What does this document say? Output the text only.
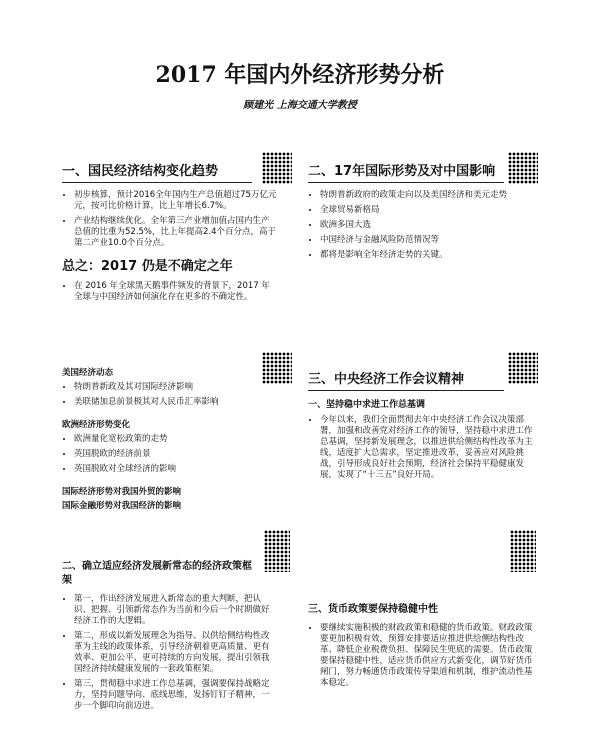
2017 年国内外经济形势分析
顾建光 上海交通大学教授
一、国民经济结构变化趋势
• 初步核算，预计2016全年国内生产总值超过75万亿元元，按可比价格计算，比上年增长6.7%。
• 产业结构继续优化。全年第三产业增加值占国内生产总值的比重为52.5%，比上年提高2.4个百分点，高于第二产业10.0个百分点。
总之：2017 仍是不确定之年
• 在 2016 年全球黑天鹅事件频发的背景下，2017 年全球与中国经济如何演化存在更多的不确定性。
二、17年国际形势及对中国影响
• 特朗普新政府的政策走向以及美国经济和美元走势
• 全球贸易新格局
• 欧洲多国大选
• 中国经济与金融风险防范情况等
• 都将是影响全年经济走势的关键。
美国经济动态
• 特朗普新政及其对国际经济影响
• 美联储加息前景极其对人民币汇率影响
欧洲经济形势变化
• 欧洲量化宽松政策的走势
• 英国脱欧的经济前景
• 英国脱欧对全球经济的影响
国际经济形势对我国外贸的影响
国际金融形势对我国经济的影响
三、中央经济工作会议精神
一、坚持稳中求进工作总基调
• 今年以来，我们全面贯彻去年中央经济工作会议决策部署，加强和改善党对经济工作的领导，坚持稳中求进工作总基调，坚持新发展理念，以推进供给侧结构性改革为主线，适度扩大总需求，坚定推进改革，妥善应对风险挑战，引导形成良好社会预期，经济社会保持平稳健康发展，实现了“十三五”良好开局。
二、确立适应经济发展新常态的经济政策框架
• 第一，作出经济发展进入新常态的重大判断，把认识、把握、引领新常态作为当前和今后一个时期做好经济工作的大逻辑。
• 第二，形成以新发展理念为指导、以供给侧结构性改革为主线的政策体系，引导经济朝着更高质量、更有效率、更加公平、更可持续的方向发展，提出引领我国经济持续健康发展的一套政策框架。
• 第三，贯彻稳中求进工作总基调，强调要保持战略定力，坚持问题导向、底线思维，发扬钉钉子精神，一步一个脚印向前迈进。
三、货币政策要保持稳健中性
• 要继续实施积极的财政政策和稳健的货币政策。财政政策要更加积极有效，预算安排要适应推进供给侧结构性改革、降低企业税费负担、保障民生兜底的需要。货币政策要保持稳健中性，适应货币供应方式新变化，调节好货币闸门，努力畅通货币政策传导渠道和机制，维护流动性基本稳定。
